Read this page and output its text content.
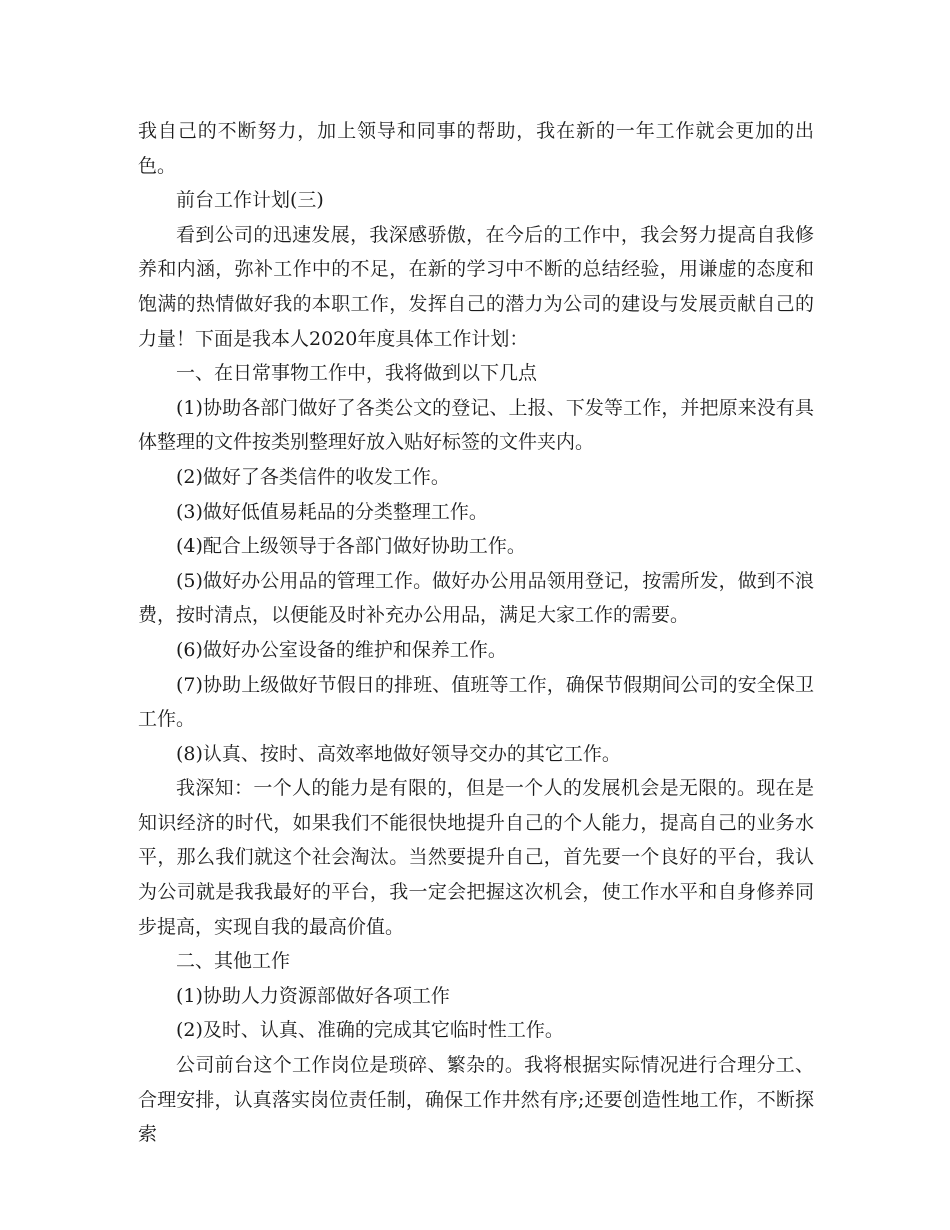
我自己的不断努力，加上领导和同事的帮助，我在新的一年工作就会更加的出色。

前台工作计划(三)

看到公司的迅速发展，我深感骄傲，在今后的工作中，我会努力提高自我修养和内涵，弥补工作中的不足，在新的学习中不断的总结经验，用谦虚的态度和饱满的热情做好我的本职工作，发挥自己的潜力为公司的建设与发展贡献自己的力量！下面是我本人2020年度具体工作计划：

一、在日常事物工作中，我将做到以下几点

(1)协助各部门做好了各类公文的登记、上报、下发等工作，并把原来没有具体整理的文件按类别整理好放入贴好标签的文件夹内。

(2)做好了各类信件的收发工作。

(3)做好低值易耗品的分类整理工作。

(4)配合上级领导于各部门做好协助工作。

(5)做好办公用品的管理工作。做好办公用品领用登记，按需所发，做到不浪费，按时清点，以便能及时补充办公用品，满足大家工作的需要。

(6)做好办公室设备的维护和保养工作。

(7)协助上级做好节假日的排班、值班等工作，确保节假期间公司的安全保卫工作。

(8)认真、按时、高效率地做好领导交办的其它工作。

我深知：一个人的能力是有限的，但是一个人的发展机会是无限的。现在是知识经济的时代，如果我们不能很快地提升自己的个人能力，提高自己的业务水平，那么我们就这个社会淘汰。当然要提升自己，首先要一个良好的平台，我认为公司就是我我最好的平台，我一定会把握这次机会，使工作水平和自身修养同步提高，实现自我的最高价值。

二、其他工作

(1)协助人力资源部做好各项工作

(2)及时、认真、准确的完成其它临时性工作。

公司前台这个工作岗位是琐碎、繁杂的。我将根据实际情况进行合理分工、合理安排，认真落实岗位责任制，确保工作井然有序;还要创造性地工作，不断探索
